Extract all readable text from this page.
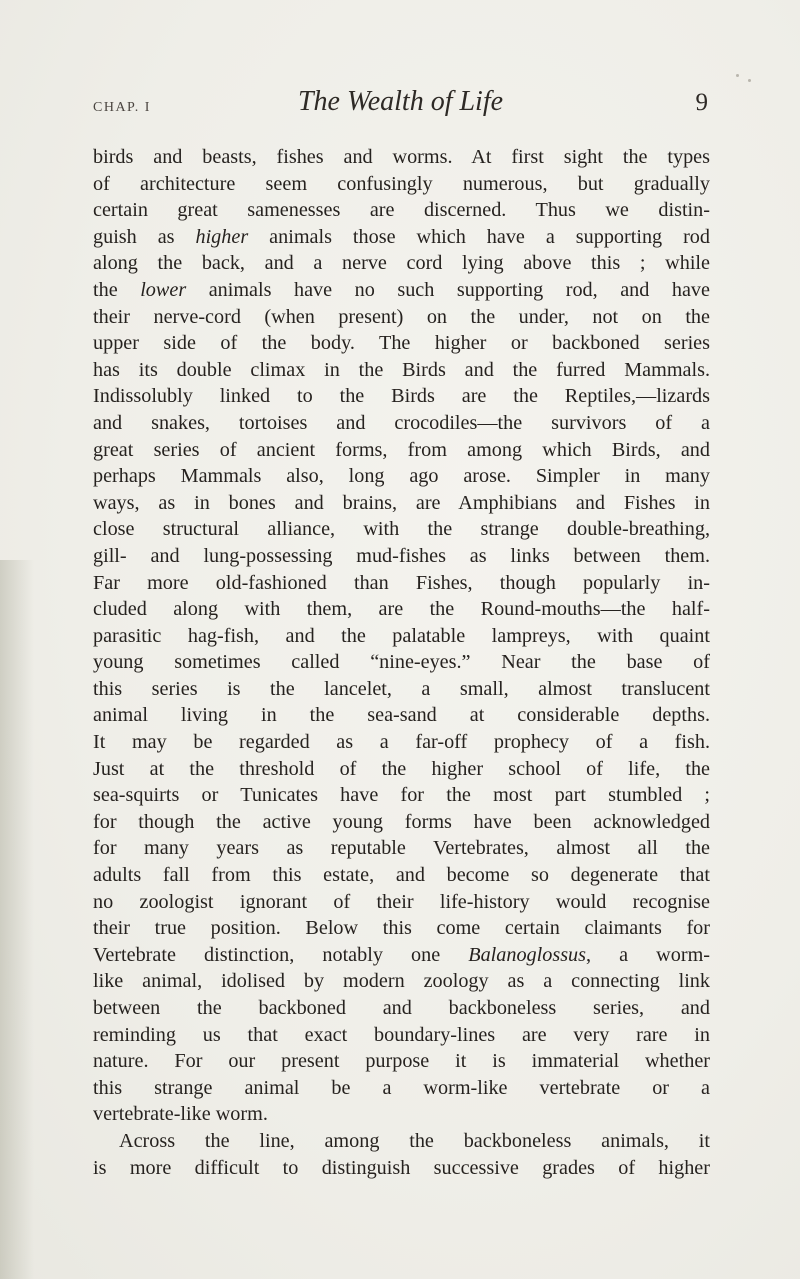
CHAP. I	The Wealth of Life	9
birds and beasts, fishes and worms. At first sight the types
of architecture seem confusingly numerous, but gradually
certain great samenesses are discerned. Thus we distin-
guish as higher animals those which have a supporting rod
along the back, and a nerve cord lying above this ; while
the lower animals have no such supporting rod, and have
their nerve-cord (when present) on the under, not on the
upper side of the body. The higher or backboned series
has its double climax in the Birds and the furred Mammals.
Indissolubly linked to the Birds are the Reptiles,—lizards
and snakes, tortoises and crocodiles—the survivors of a
great series of ancient forms, from among which Birds, and
perhaps Mammals also, long ago arose. Simpler in many
ways, as in bones and brains, are Amphibians and Fishes in
close structural alliance, with the strange double-breathing,
gill- and lung-possessing mud-fishes as links between them.
Far more old-fashioned than Fishes, though popularly in-
cluded along with them, are the Round-mouths—the half-
parasitic hag-fish, and the palatable lampreys, with quaint
young sometimes called “nine-eyes.” Near the base of
this series is the lancelet, a small, almost translucent
animal living in the sea-sand at considerable depths.
It may be regarded as a far-off prophecy of a fish.
Just at the threshold of the higher school of life, the
sea-squirts or Tunicates have for the most part stumbled ;
for though the active young forms have been acknowledged
for many years as reputable Vertebrates, almost all the
adults fall from this estate, and become so degenerate that
no zoologist ignorant of their life-history would recognise
their true position. Below this come certain claimants for
Vertebrate distinction, notably one Balanoglossus, a worm-
like animal, idolised by modern zoology as a connecting link
between the backboned and backboneless series, and
reminding us that exact boundary-lines are very rare in
nature. For our present purpose it is immaterial whether
this strange animal be a worm-like vertebrate or a
vertebrate-like worm.
Across the line, among the backboneless animals, it
is more difficult to distinguish successive grades of higher
